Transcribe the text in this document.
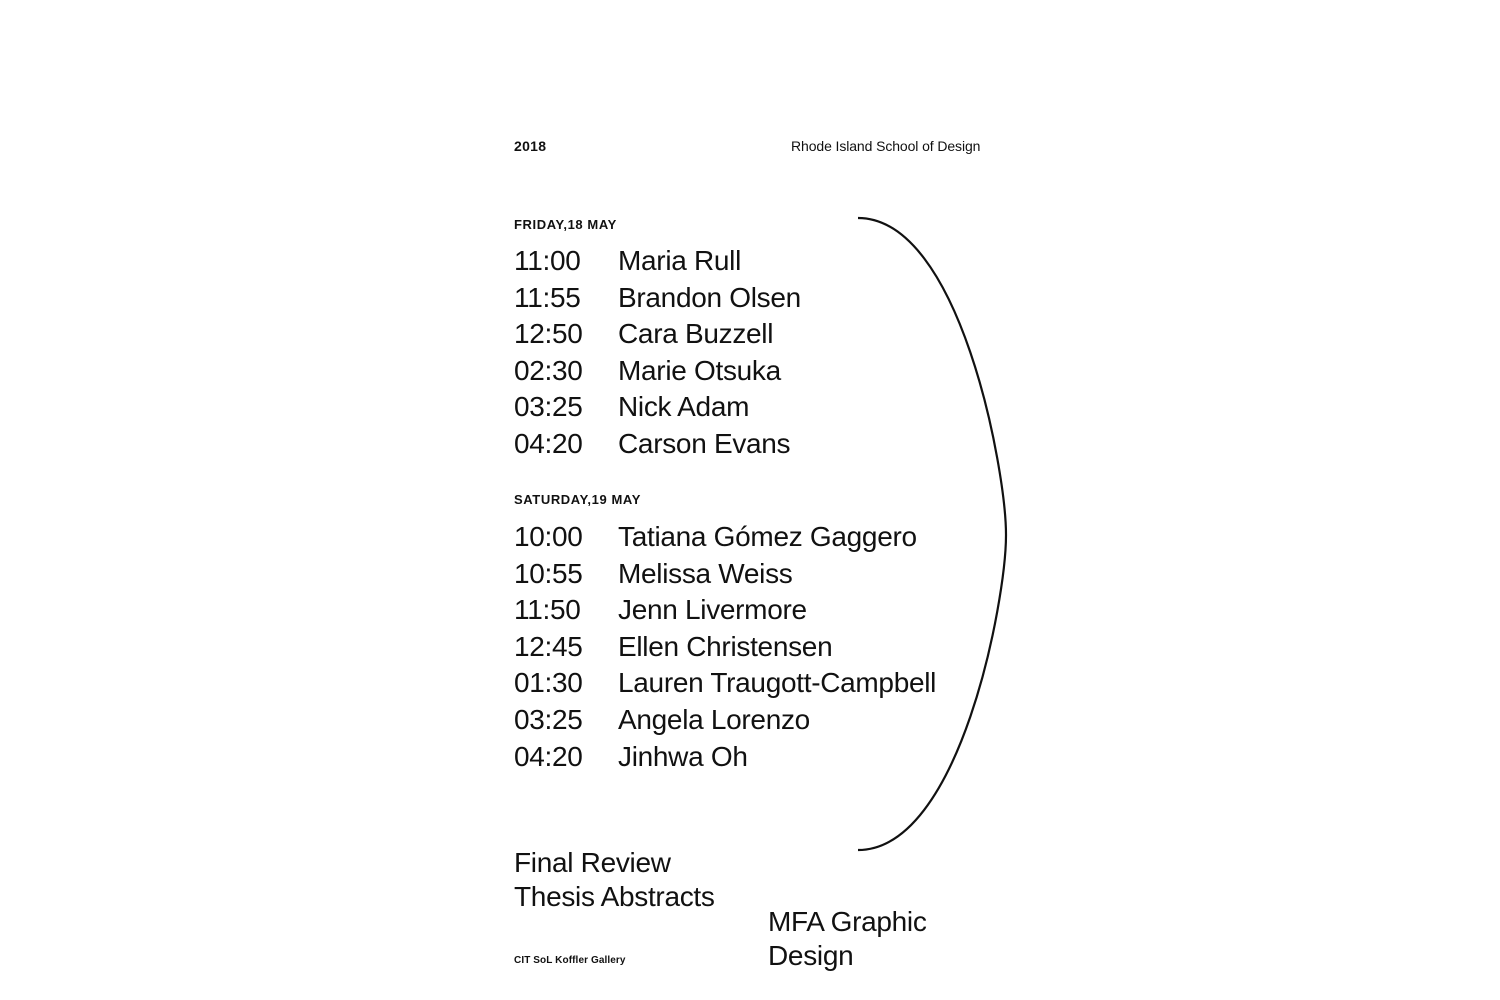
2018	Rhode Island School of Design
FRIDAY,18 MAY
11:00 Maria Rull
11:55 Brandon Olsen
12:50 Cara Buzzell
02:30 Marie Otsuka
03:25 Nick Adam
04:20 Carson Evans
SATURDAY,19 MAY
10:00 Tatiana Gómez Gaggero
10:55 Melissa Weiss
11:50 Jenn Livermore
12:45 Ellen Christensen
01:30 Lauren Traugott-Campbell
03:25 Angela Lorenzo
04:20 Jinhwa Oh
Final Review
Thesis Abstracts
CIT SoL Koffler Gallery
MFA Graphic
Design
